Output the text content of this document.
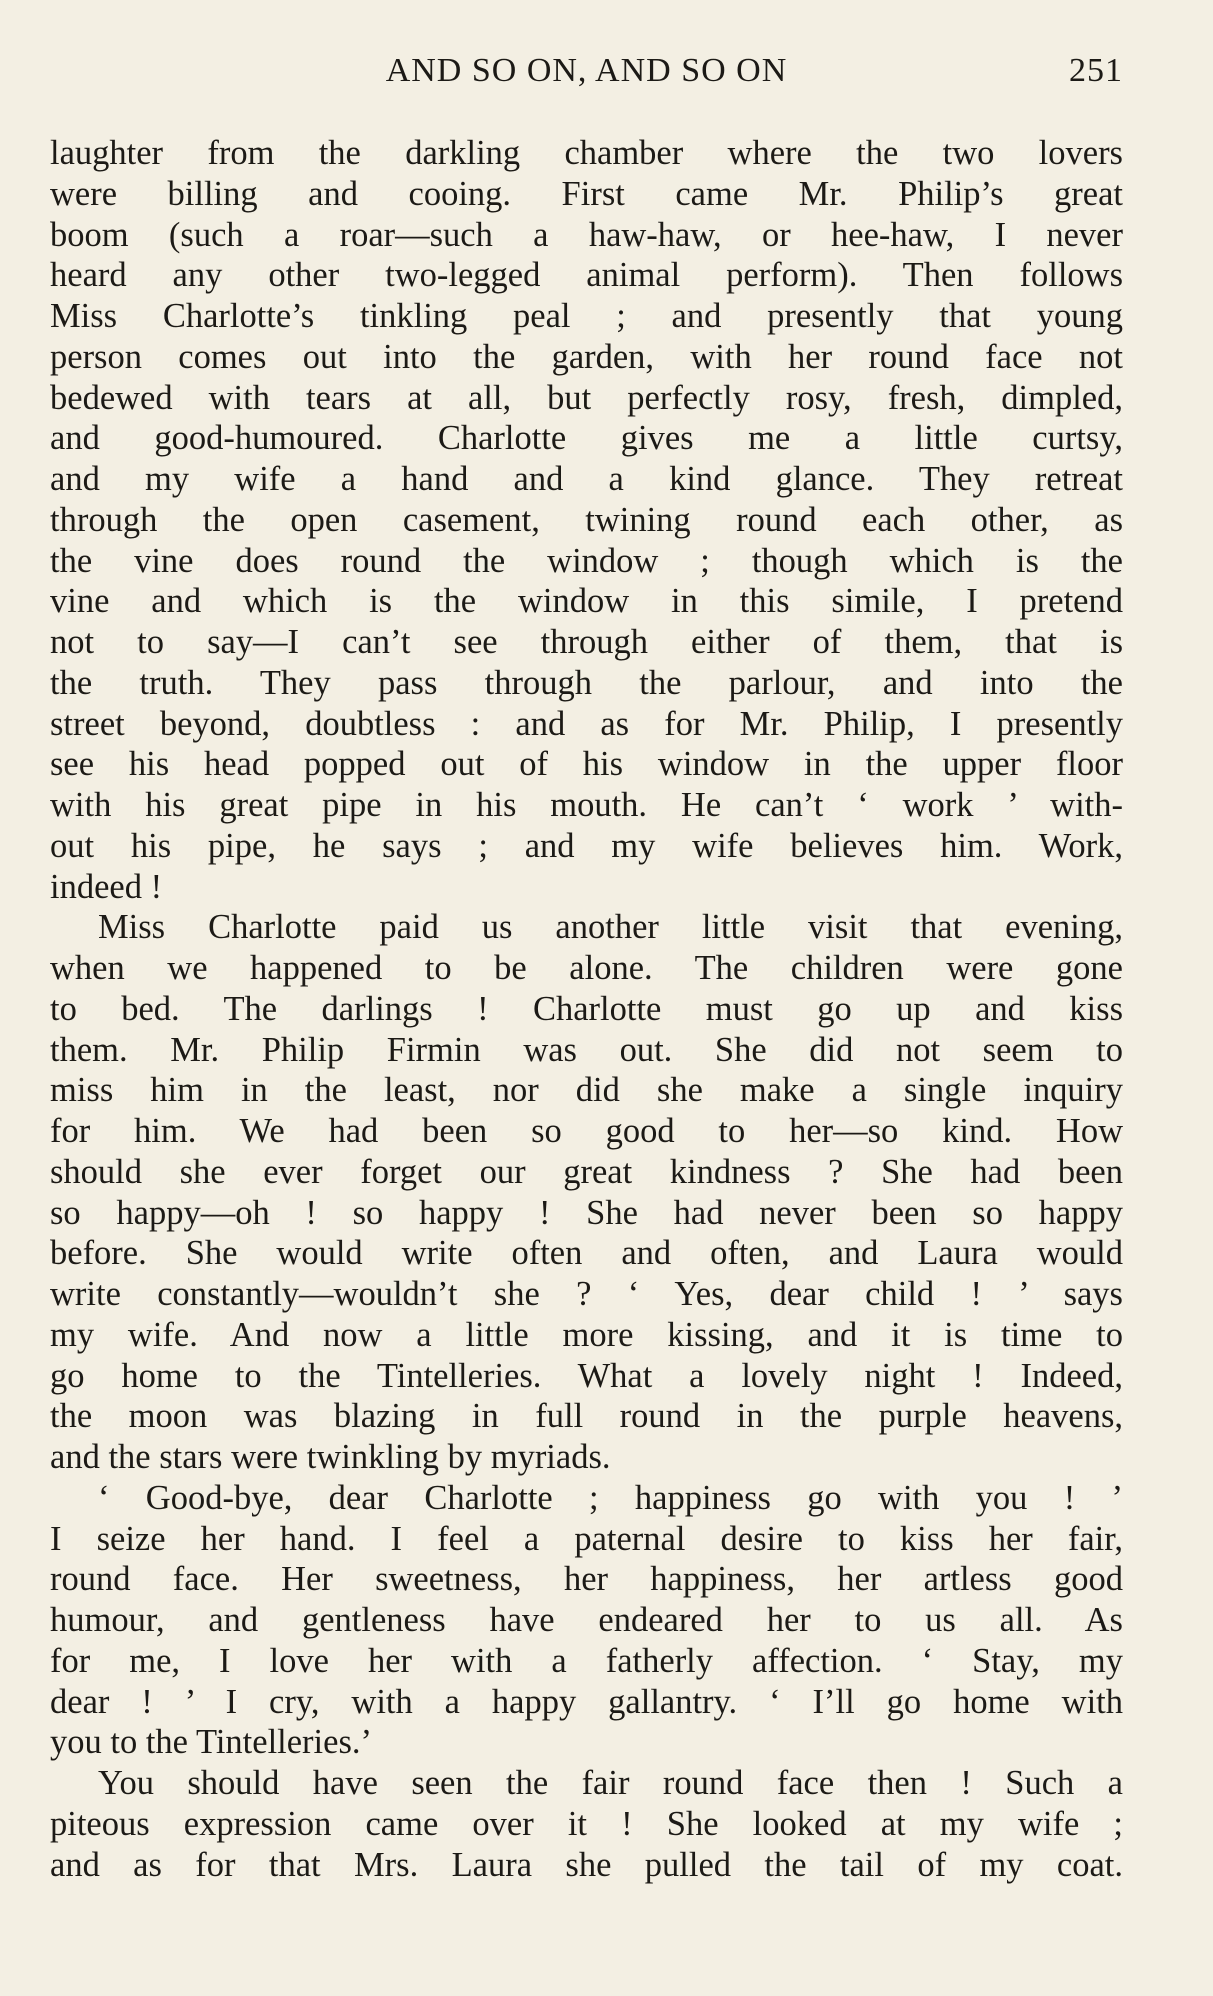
AND SO ON, AND SO ON	251
laughter from the darkling chamber where the two lovers
were billing and cooing. First came Mr. Philip’s great
boom (such a roar—such a haw-haw, or hee-haw, I never
heard any other two-legged animal perform). Then follows
Miss Charlotte’s tinkling peal ; and presently that young
person comes out into the garden, with her round face not
bedewed with tears at all, but perfectly rosy, fresh, dimpled,
and good-humoured. Charlotte gives me a little curtsy,
and my wife a hand and a kind glance. They retreat
through the open casement, twining round each other, as
the vine does round the window ; though which is the
vine and which is the window in this simile, I pretend
not to say—I can’t see through either of them, that is
the truth. They pass through the parlour, and into the
street beyond, doubtless : and as for Mr. Philip, I presently
see his head popped out of his window in the upper floor
with his great pipe in his mouth. He can’t ‘ work ’ with-
out his pipe, he says ; and my wife believes him. Work,
indeed !
Miss Charlotte paid us another little visit that evening,
when we happened to be alone. The children were gone
to bed. The darlings ! Charlotte must go up and kiss
them. Mr. Philip Firmin was out. She did not seem to
miss him in the least, nor did she make a single inquiry
for him. We had been so good to her—so kind. How
should she ever forget our great kindness ? She had been
so happy—oh ! so happy ! She had never been so happy
before. She would write often and often, and Laura would
write constantly—wouldn’t she ? ‘ Yes, dear child ! ’ says
my wife. And now a little more kissing, and it is time to
go home to the Tintelleries. What a lovely night ! Indeed,
the moon was blazing in full round in the purple heavens,
and the stars were twinkling by myriads.
‘ Good-bye, dear Charlotte ; happiness go with you ! ’
I seize her hand. I feel a paternal desire to kiss her fair,
round face. Her sweetness, her happiness, her artless good
humour, and gentleness have endeared her to us all. As
for me, I love her with a fatherly affection. ‘ Stay, my
dear ! ’ I cry, with a happy gallantry. ‘ I’ll go home with
you to the Tintelleries.’
You should have seen the fair round face then ! Such a
piteous expression came over it ! She looked at my wife ;
and as for that Mrs. Laura she pulled the tail of my coat.
